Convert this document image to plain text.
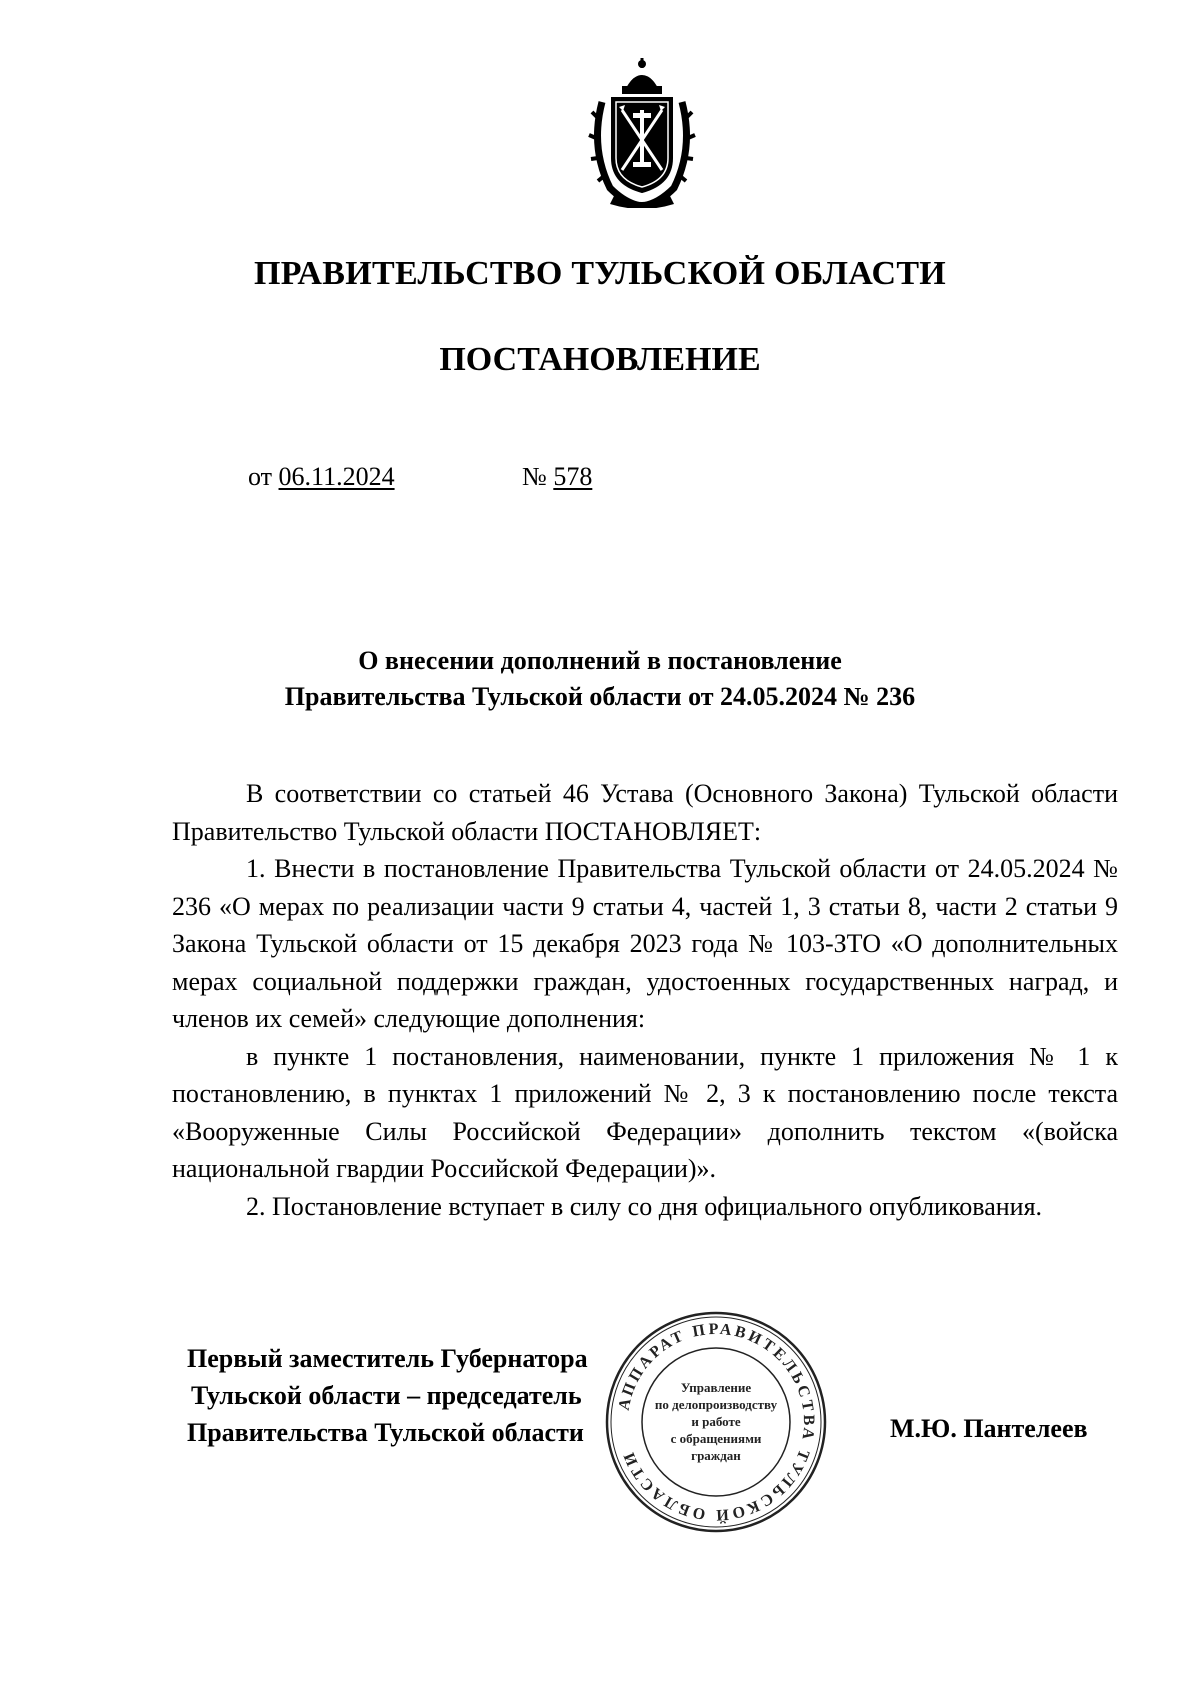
ПРАВИТЕЛЬСТВО ТУЛЬСКОЙ ОБЛАСТИ
ПОСТАНОВЛЕНИЕ
от 06.11.2024	№ 578
О внесении дополнений в постановление
Правительства Тульской области от 24.05.2024 № 236

В соответствии со статьей 46 Устава (Основного Закона) Тульской области Правительство Тульской области ПОСТАНОВЛЯЕТ:

1. Внести в постановление Правительства Тульской области от 24.05.2024 № 236 «О мерах по реализации части 9 статьи 4, частей 1, 3 статьи 8, части 2 статьи 9 Закона Тульской области от 15 декабря 2023 года № 103-ЗТО «О дополнительных мерах социальной поддержки граждан, удостоенных государственных наград, и членов их семей» следующие дополнения:

в пункте 1 постановления, наименовании, пункте 1 приложения № 1 к постановлению, в пунктах 1 приложений № 2, 3 к постановлению после текста «Вооруженные Силы Российской Федерации» дополнить текстом «(войска национальной гвардии Российской Федерации)».

2. Постановление вступает в силу со дня официального опубликования.

Первый заместитель Губернатора
Тульской области – председатель
Правительства Тульской области	М.Ю. Пантелеев
АППАРАТ ПРАВИТЕЛЬСТВА ТУЛЬСКОЙ ОБЛАСТИ
Управление
по делопроизводству
и работе
с обращениями
граждан
